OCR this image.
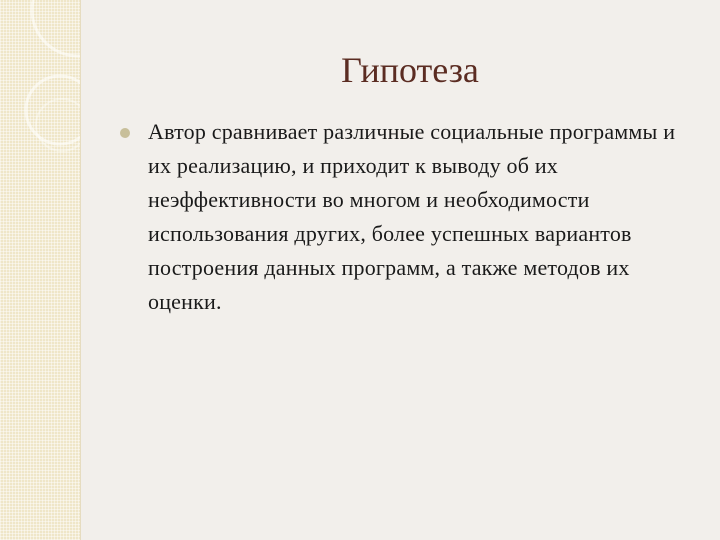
Гипотеза

Автор сравнивает различные социальные программы и их реализацию, и приходит к выводу об их неэффективности во многом и необходимости использования других, более успешных вариантов построения данных программ, а также методов их оценки.
